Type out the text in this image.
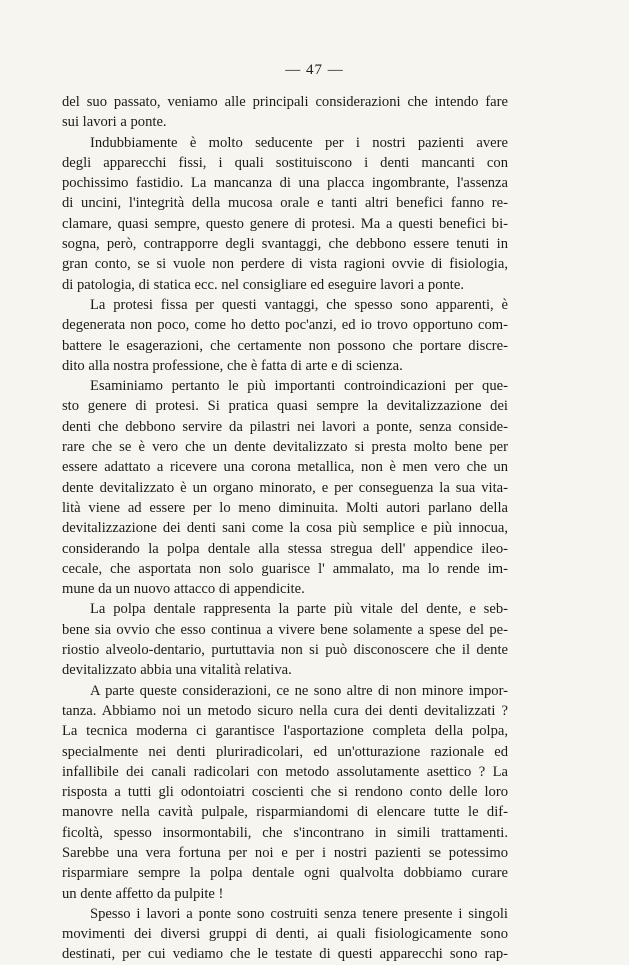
— 47 —
del suo passato, veniamo alle principali considerazioni che intendo fare
sui lavori a ponte.
Indubbiamente è molto seducente per i nostri pazienti avere
degli apparecchi fissi, i quali sostituiscono i denti mancanti con
pochissimo fastidio. La mancanza di una placca ingombrante, l'assenza
di uncini, l'integrità della mucosa orale e tanti altri benefici fanno re-
clamare, quasi sempre, questo genere di protesi. Ma a questi benefici bi-
sogna, però, contrapporre degli svantaggi, che debbono essere tenuti in
gran conto, se si vuole non perdere di vista ragioni ovvie di fisiologia,
di patologia, di statica ecc. nel consigliare ed eseguire lavori a ponte.
La protesi fissa per questi vantaggi, che spesso sono apparenti, è
degenerata non poco, come ho detto poc'anzi, ed io trovo opportuno com-
battere le esagerazioni, che certamente non possono che portare discre-
dito alla nostra professione, che è fatta di arte e di scienza.
Esaminiamo pertanto le più importanti controindicazioni per que-
sto genere di protesi. Si pratica quasi sempre la devitalizzazione dei
denti che debbono servire da pilastri nei lavori a ponte, senza conside-
rare che se è vero che un dente devitalizzato si presta molto bene per
essere adattato a ricevere una corona metallica, non è men vero che un
dente devitalizzato è un organo minorato, e per conseguenza la sua vita-
lità viene ad essere per lo meno diminuita. Molti autori parlano della
devitalizzazione dei denti sani come la cosa più semplice e più innocua,
considerando la polpa dentale alla stessa stregua dell' appendice ileo-
cecale, che asportata non solo guarisce l' ammalato, ma lo rende im-
mune da un nuovo attacco di appendicite.
La polpa dentale rappresenta la parte più vitale del dente, e seb-
bene sia ovvio che esso continua a vivere bene solamente a spese del pe-
riostio alveolo-dentario, purtuttavia non si può disconoscere che il dente
devitalizzato abbia una vitalità relativa.
A parte queste considerazioni, ce ne sono altre di non minore impor-
tanza. Abbiamo noi un metodo sicuro nella cura dei denti devitalizzati ?
La tecnica moderna ci garantisce l'asportazione completa della polpa,
specialmente nei denti pluriradicolari, ed un'otturazione razionale ed
infallibile dei canali radicolari con metodo assolutamente asettico ? La
risposta a tutti gli odontoiatri coscienti che si rendono conto delle loro
manovre nella cavità pulpale, risparmiandomi di elencare tutte le dif-
ficoltà, spesso insormontabili, che s'incontrano in simili trattamenti.
Sarebbe una vera fortuna per noi e per i nostri pazienti se potessimo
risparmiare sempre la polpa dentale ogni qualvolta dobbiamo curare
un dente affetto da pulpite !
Spesso i lavori a ponte sono costruiti senza tenere presente i singoli
movimenti dei diversi gruppi di denti, ai quali fisiologicamente sono
destinati, per cui vediamo che le testate di questi apparecchi sono rap-
